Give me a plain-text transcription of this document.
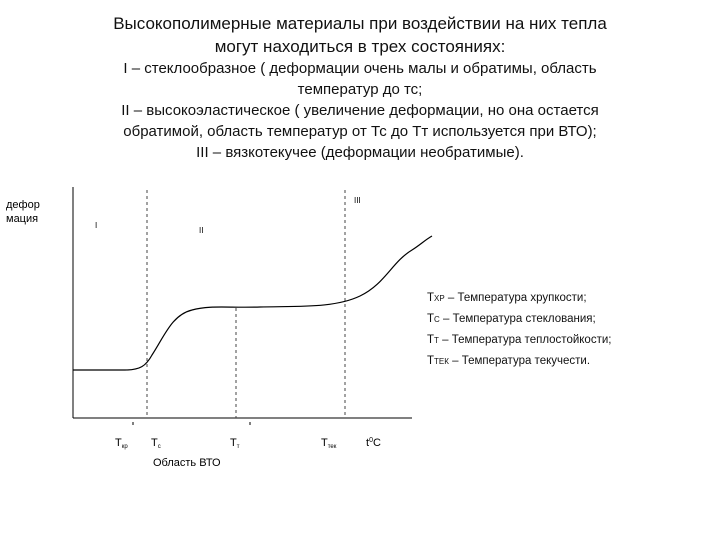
Высокополимерные материалы при воздействии на них тепла
могут находиться в трех состояниях:
I – стеклообразное ( деформации очень малы и обратимы, область
температур до тс;
II – высокоэластическое ( увеличение деформации, но она остается
обратимой, область температур от Тс до Тт используется при ВТО);
III – вязкотекучее (деформации необратимые).
дефор
мация
I
II
III
Ткр Тс	Тт	Ттек	$t^0C$
Область ВТО
ТХР – Температура хрупкости;
ТС – Температура стеклования;
ТТ – Температура теплостойкости;
ТТЕК – Температура текучести.
